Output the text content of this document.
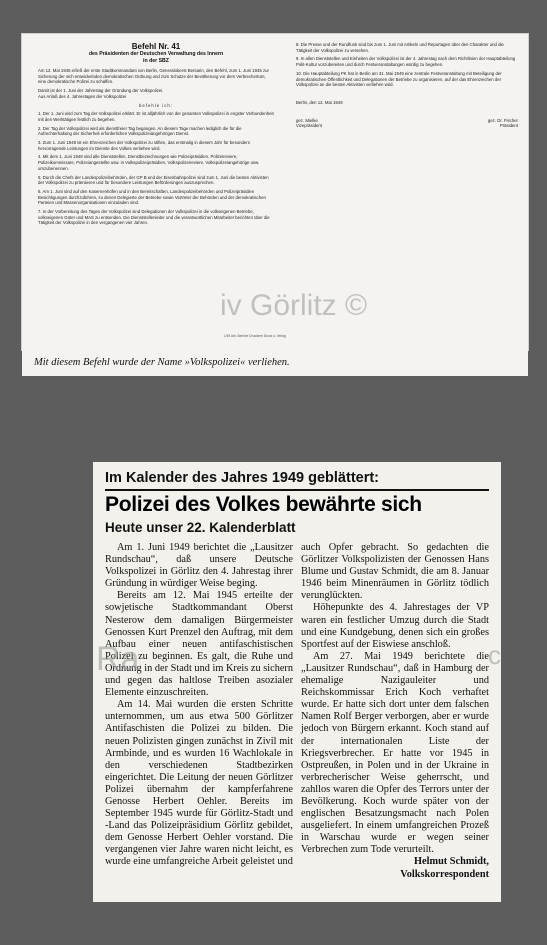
Befehl Nr. 41
des Präsidenten der Deutschen Verwaltung des Innern
in der SBZ
Am 12. Mai 1945 erließ der erste Stadtkommandant von Berlin, Generaloberst Bersarin, den Befehl, zum 1. Juni 1945 zur Sicherung der sich entwickelnden demokratischen Ordnung und zum Schutze der Bevölkerung vor dem Verbrechertum, eine demokratische Polizei zu schaffen.
Damit ist der 1. Juni der Jahrestag der Gründung der Volkspolizei.
Aus Anlaß des 4. Jahrestages der Volkspolizei
befehle ich:
1. Der 1. Juni wird zum Tag der Volkspolizei erklärt. Er ist alljährlich von der gesamten Volkspolizei in engster Verbundenheit mit den Werktätigen festlich zu begehen.
2. Der Tag der Volkspolizei wird als dienstfreier Tag begangen. An diesem Tage machen lediglich die für die Aufrechterhaltung der Sicherheit erforderlichen Volkspolizeiangehörigen Dienst.
3. Zum 1. Juni 1949 ist ein Ehrenzeichen der Volkspolizei zu stiften, das erstmalig in diesem Jahr für besonders hervorragende Leistungen im Dienste des Volkes verliehen wird.
4. Mit dem 1. Juni 1949 sind alle Dienststellen, Dienstbezeichnungen wie Polizeipräsidien, Polizeireviere, Polizeikommissare, Polizeiangestellte usw. in Volkspolizeipräsidien, Volkspolizeireviere, Volkspolizeiangehörige usw. umzubenennen.
5. Durch die Chefs der Landespolizeibehörden, der GP B und der Eisenbahnpolizei sind zum 1. Juni die besten Aktivisten der Volkspolizei zu prämiieren und für besondere Leistungen Beförderungen auszusprechen.
6. Am 1. Juni sind auf den Kasernenhöfen und in den Bereitschaften, Landespolizeibehörden und Polizeipräsidien Besichtigungen durchzuführen, zu denen Delegierte der Betriebe sowie Vertreter der Behörden und der demokratischen Parteien und Massenorganisationen einzuladen sind.
7. In der Vorbereitung des Tages der Volkspolizei sind Delegationen der Volkspolizei in die volkseigenen Betriebe, volkseigenen Güter und MAS zu entsenden. Die Dienststellenleiter und die verantwortlichen Mitarbeiter berichten über die Tätigkeit der Volkspolizei in den vergangenen vier Jahren.
8. Die Presse und der Rundfunk sind bis zum 1. Juni mit Artikeln und Reportagen über den Charakter und die Tätigkeit der Volkspolizei zu versehen.
9. In allen Dienststellen und Einheiten der Volkspolizei ist der 4. Jahrestag nach dem Richtlinien der Hauptabteilung Polit-Kultur vorzubereiten und durch Festveranstaltungen würdig zu begehen.
10. Die Hauptabteilung PK hat in Berlin am 31. Mai 1949 eine zentrale Festveranstaltung mit Beteiligung der demokratischen Öffentlichkeit und Delegationen der Betriebe zu organisieren, auf der das Ehrenzeichen der Volkspolizei an die besten Aktivisten verliehen wird.
Berlin, den 12. Mai 1949
gez. Mielke
Vizepräsident
gez. Dr. Fischer
Präsident
1/49 Abt. Berliner Druckerei Druck u. Verlag
iv Görlitz ©
Mit diesem Befehl wurde der Name »Volkspolizei« verliehen.
Im Kalender des Jahres 1949 geblättert:
Polizei des Volkes bewährte sich
Heute unser 22. Kalenderblatt

Am 1. Juni 1949 berichtet die „Lausitzer Rundschau“, daß unsere Deutsche Volkspolizei in Görlitz den 4. Jahrestag ihrer Gründung in würdiger Weise beging.

Bereits am 12. Mai 1945 erteilte der sowjetische Stadtkommandant Oberst Nesterow dem damaligen Bürgermeister Genossen Kurt Prenzel den Auftrag, mit dem Aufbau einer neuen antifaschistischen Polizei zu beginnen. Es galt, die Ruhe und Ordnung in der Stadt und im Kreis zu sichern und gegen das haltlose Treiben asozialer Elemente einzuschreiten.

Am 14. Mai wurden die ersten Schritte unternommen, um aus etwa 500 Görlitzer Antifaschisten die Polizei zu bilden. Die neuen Polizisten gingen zunächst in Zivil mit Armbinde, und es wurden 16 Wachlokale in den verschiedenen Stadtbezirken eingerichtet. Die Leitung der neuen Görlitzer Polizei übernahm der kampferfahrene Genosse Herbert Oehler. Bereits im September 1945 wurde für Görlitz-Stadt und -Land das Polizeipräsidium Görlitz gebildet, dem Genosse Herbert Oehler vorstand. Die vergangenen vier Jahre waren nicht leicht, es wurde eine umfangreiche Arbeit geleistet und

auch Opfer gebracht. So gedachten die Görlitzer Volkspolizisten der Genossen Hans Blume und Gustav Schmidt, die am 8. Januar 1946 beim Minenräumen in Görlitz tödlich verunglückten.

Höhepunkte des 4. Jahrestages der VP waren ein festlicher Umzug durch die Stadt und eine Kundgebung, denen sich ein großes Sportfest auf der Eiswiese anschloß.

Am 27. Mai 1949 berichtete die „Lausitzer Rundschau“, daß in Hamburg der ehemalige Nazigauleiter und Reichskommissar Erich Koch verhaftet wurde. Er hatte sich dort unter dem falschen Namen Rolf Berger verborgen, aber er wurde jedoch von Bürgern erkannt. Koch stand auf der internationalen Liste der Kriegsverbrecher. Er hatte vor 1945 in Ostpreußen, in Polen und in der Ukraine in verbrecherischer Weise geherrscht, und zahllos waren die Opfer des Terrors unter der Bevölkerung. Koch wurde später von der englischen Besatzungsmacht nach Polen ausgeliefert. In einem umfangreichen Prozeß in Warschau wurde er wegen seiner Verbrechen zum Tode verurteilt.

Helmut Schmidt,

Volkskorrespondent

Ra	c
